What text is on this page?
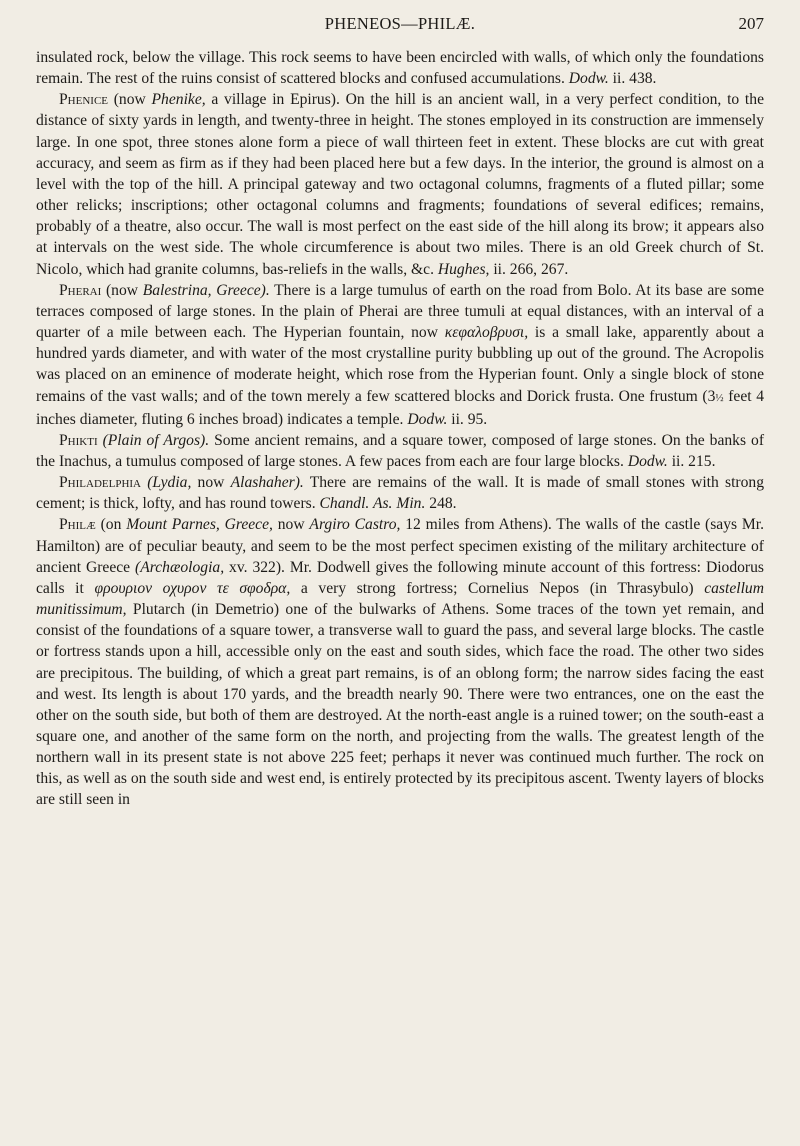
PHENEOS—PHILÆ.	207

insulated rock, below the village. This rock seems to have been encircled with walls, of which only the foundations remain. The rest of the ruins consist of scattered blocks and confused accumulations. Dodw. ii. 438.

Phenice (now Phenike, a village in Epirus). On the hill is an ancient wall, in a very perfect condition, to the distance of sixty yards in length, and twenty-three in height. The stones employed in its construction are immensely large. In one spot, three stones alone form a piece of wall thirteen feet in extent. These blocks are cut with great accuracy, and seem as firm as if they had been placed here but a few days. In the interior, the ground is almost on a level with the top of the hill. A principal gateway and two octagonal columns, fragments of a fluted pillar; some other relicks; inscriptions; other octagonal columns and fragments; foundations of several edifices; remains, probably of a theatre, also occur. The wall is most perfect on the east side of the hill along its brow; it appears also at intervals on the west side. The whole circumference is about two miles. There is an old Greek church of St. Nicolo, which had granite columns, bas-reliefs in the walls, &c. Hughes, ii. 266, 267.

Pherai (now Balestrina, Greece). There is a large tumulus of earth on the road from Bolo. At its base are some terraces composed of large stones. In the plain of Pherai are three tumuli at equal distances, with an interval of a quarter of a mile between each. The Hyperian fountain, now κεφαλοβρυσι, is a small lake, apparently about a hundred yards diameter, and with water of the most crystalline purity bubbling up out of the ground. The Acropolis was placed on an eminence of moderate height, which rose from the Hyperian fount. Only a single block of stone remains of the vast walls; and of the town merely a few scattered blocks and Dorick frusta. One frustum (3½ feet 4 inches diameter, fluting 6 inches broad) indicates a temple. Dodw. ii. 95.

Phikti (Plain of Argos). Some ancient remains, and a square tower, composed of large stones. On the banks of the Inachus, a tumulus composed of large stones. A few paces from each are four large blocks. Dodw. ii. 215.

Philadelphia (Lydia, now Alashaher). There are remains of the wall. It is made of small stones with strong cement; is thick, lofty, and has round towers. Chandl. As. Min. 248.

Philæ (on Mount Parnes, Greece, now Argiro Castro, 12 miles from Athens). The walls of the castle (says Mr. Hamilton) are of peculiar beauty, and seem to be the most perfect specimen existing of the military architecture of ancient Greece (Archæologia, xv. 322). Mr. Dodwell gives the following minute account of this fortress: Diodorus calls it φρουριον οχυρον τε σφοδρα, a very strong fortress; Cornelius Nepos (in Thrasybulo) castellum munitissimum, Plutarch (in Demetrio) one of the bulwarks of Athens. Some traces of the town yet remain, and consist of the foundations of a square tower, a transverse wall to guard the pass, and several large blocks. The castle or fortress stands upon a hill, accessible only on the east and south sides, which face the road. The other two sides are precipitous. The building, of which a great part remains, is of an oblong form; the narrow sides facing the east and west. Its length is about 170 yards, and the breadth nearly 90. There were two entrances, one on the east the other on the south side, but both of them are destroyed. At the north-east angle is a ruined tower; on the south-east a square one, and another of the same form on the north, and projecting from the walls. The greatest length of the northern wall in its present state is not above 225 feet; perhaps it never was continued much further. The rock on this, as well as on the south side and west end, is entirely protected by its precipitous ascent. Twenty layers of blocks are still seen in
